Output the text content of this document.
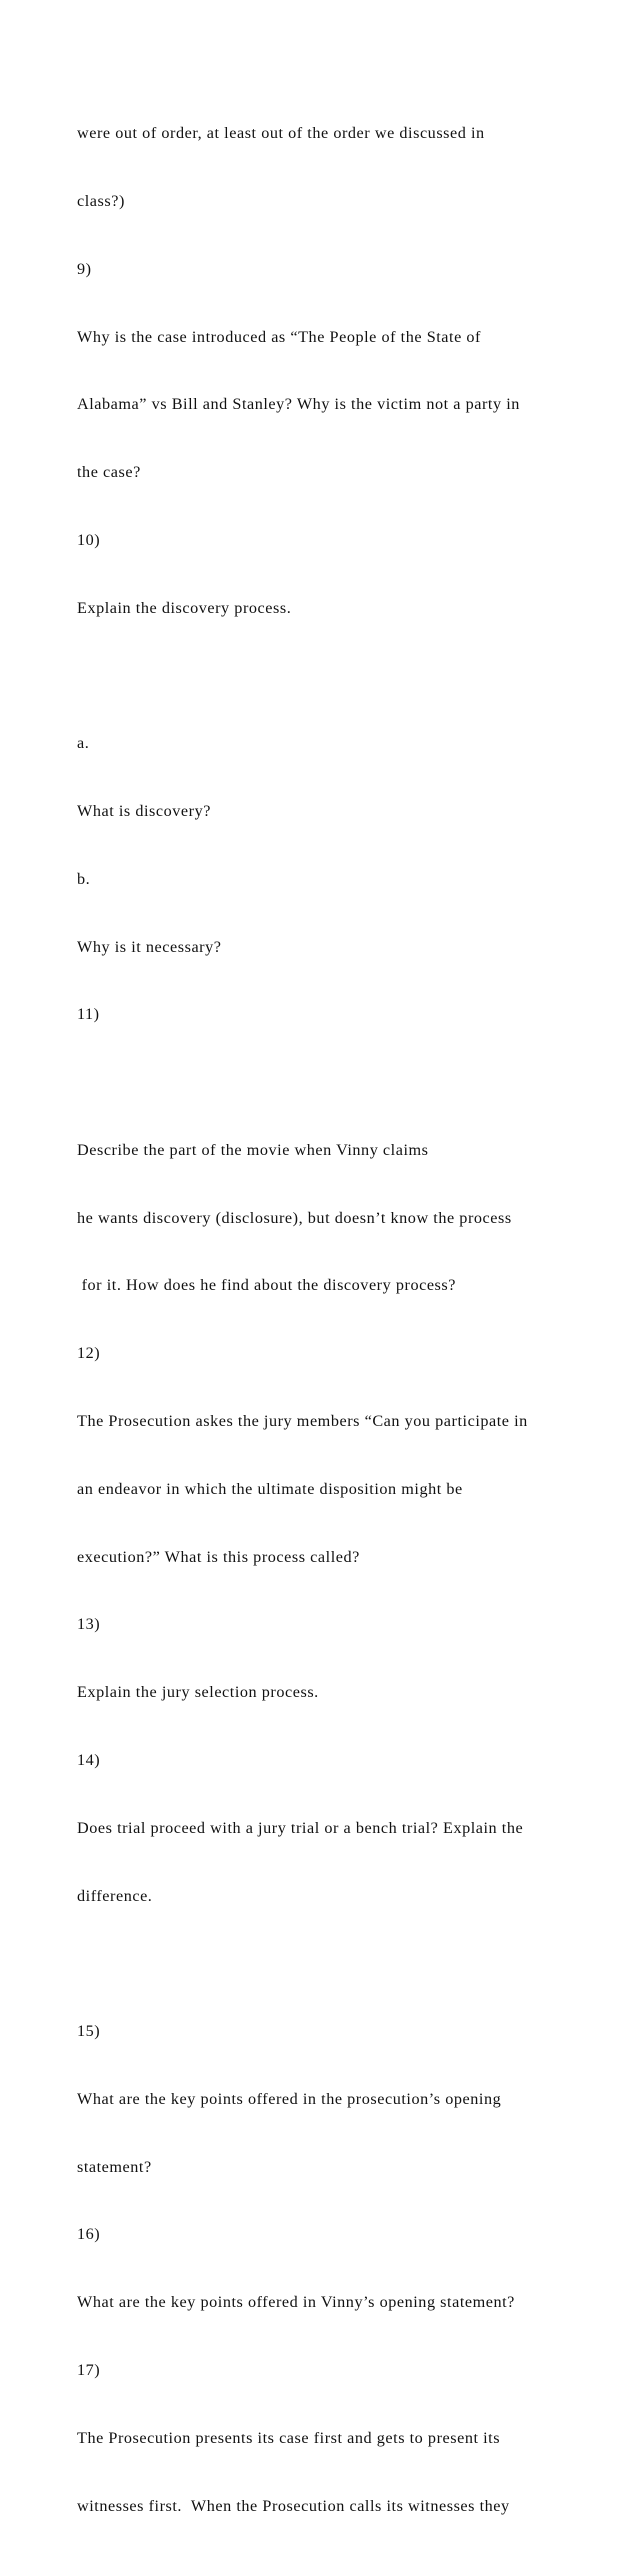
were out of order, at least out of the order we discussed in

class?)

9)

Why is the case introduced as “The People of the State of

Alabama” vs Bill and Stanley? Why is the victim not a party in

the case?

10)

Explain the discovery process.

a.

What is discovery?

b.

Why is it necessary?

11)

Describe the part of the movie when Vinny claims

he wants discovery (disclosure), but doesn’t know the process

for it. How does he find about the discovery process?

12)

The Prosecution askes the jury members “Can you participate in

an endeavor in which the ultimate disposition might be

execution?” What is this process called?

13)

Explain the jury selection process.

14)

Does trial proceed with a jury trial or a bench trial? Explain the

difference.

15)

What are the key points offered in the prosecution’s opening

statement?

16)

What are the key points offered in Vinny’s opening statement?

17)

The Prosecution presents its case first and gets to present its

witnesses first.  When the Prosecution calls its witnesses they
